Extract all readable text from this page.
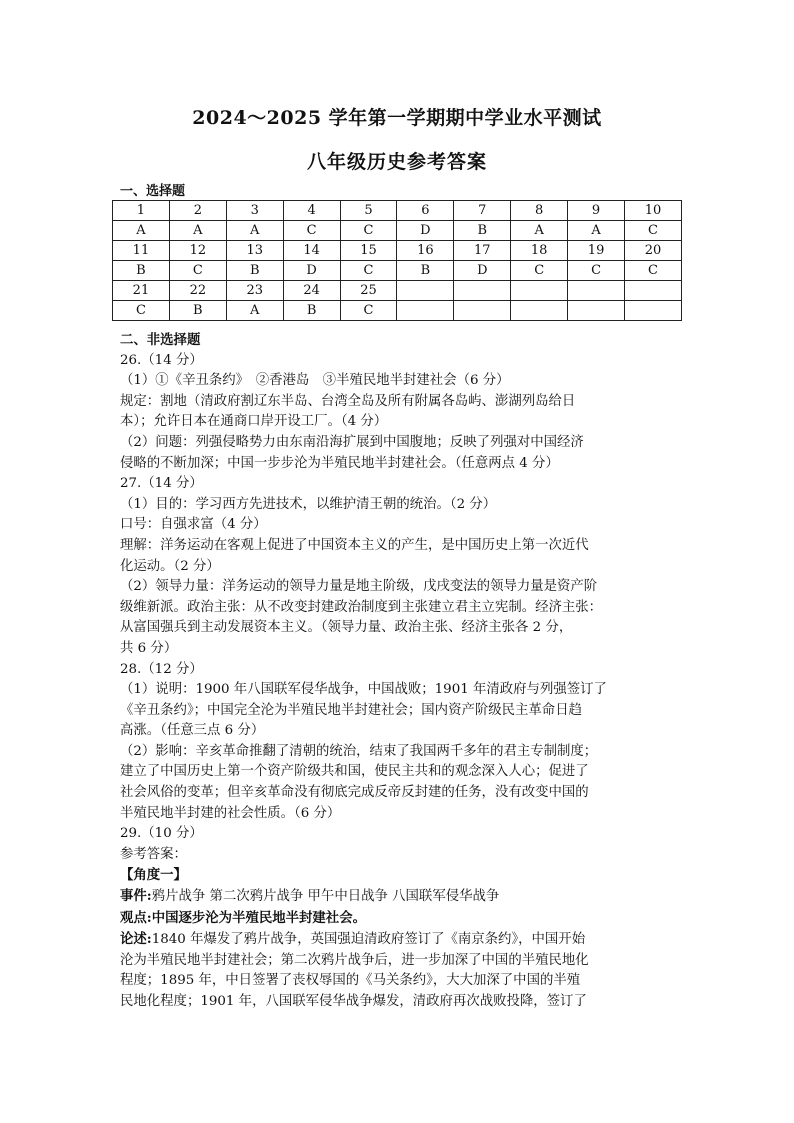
2024～2025 学年第一学期期中学业水平测试
八年级历史参考答案
一、选择题
1	2	3	4	5	6	7	8	9	10
A	A	A	C	C	D	B	A	A	C
11	12	13	14	15	16	17	18	19	20
B	C	B	D	C	B	D	C	C	C
21	22	23	24	25					
C	B	A	B	C					

二、非选择题

26.（14 分）

（1）①《辛丑条约》　②香港岛　③半殖民地半封建社会（6 分）

规定：割地（清政府割辽东半岛、台湾全岛及所有附属各岛屿、澎湖列岛给日

本）；允许日本在通商口岸开设工厂。（4 分）

（2）问题：列强侵略势力由东南沿海扩展到中国腹地；反映了列强对中国经济

侵略的不断加深；中国一步步沦为半殖民地半封建社会。（任意两点 4 分）

27.（14 分）

（1）目的：学习西方先进技术，以维护清王朝的统治。（2 分）

口号：自强求富（4 分）

理解：洋务运动在客观上促进了中国资本主义的产生，是中国历史上第一次近代

化运动。（2 分）

（2）领导力量：洋务运动的领导力量是地主阶级，戊戌变法的领导力量是资产阶

级维新派。政治主张：从不改变封建政治制度到主张建立君主立宪制。经济主张：

从富国强兵到主动发展资本主义。（领导力量、政治主张、经济主张各 2 分，

共 6 分）

28.（12 分）

（1）说明：1900 年八国联军侵华战争，中国战败；1901 年清政府与列强签订了

《辛丑条约》；中国完全沦为半殖民地半封建社会；国内资产阶级民主革命日趋

高涨。（任意三点 6 分）

（2）影响：辛亥革命推翻了清朝的统治，结束了我国两千多年的君主专制制度；

建立了中国历史上第一个资产阶级共和国，使民主共和的观念深入人心；促进了

社会风俗的变革；但辛亥革命没有彻底完成反帝反封建的任务，没有改变中国的

半殖民地半封建的社会性质。（6 分）

29.（10 分）

参考答案：

【角度一】

事件:鸦片战争 第二次鸦片战争 甲午中日战争 八国联军侵华战争

观点:中国逐步沦为半殖民地半封建社会。

论述:1840 年爆发了鸦片战争，英国强迫清政府签订了《南京条约》，中国开始

沦为半殖民地半封建社会；第二次鸦片战争后，进一步加深了中国的半殖民地化

程度；1895 年，中日签署了丧权辱国的《马关条约》，大大加深了中国的半殖

民地化程度；1901 年，八国联军侵华战争爆发，清政府再次战败投降，签订了
